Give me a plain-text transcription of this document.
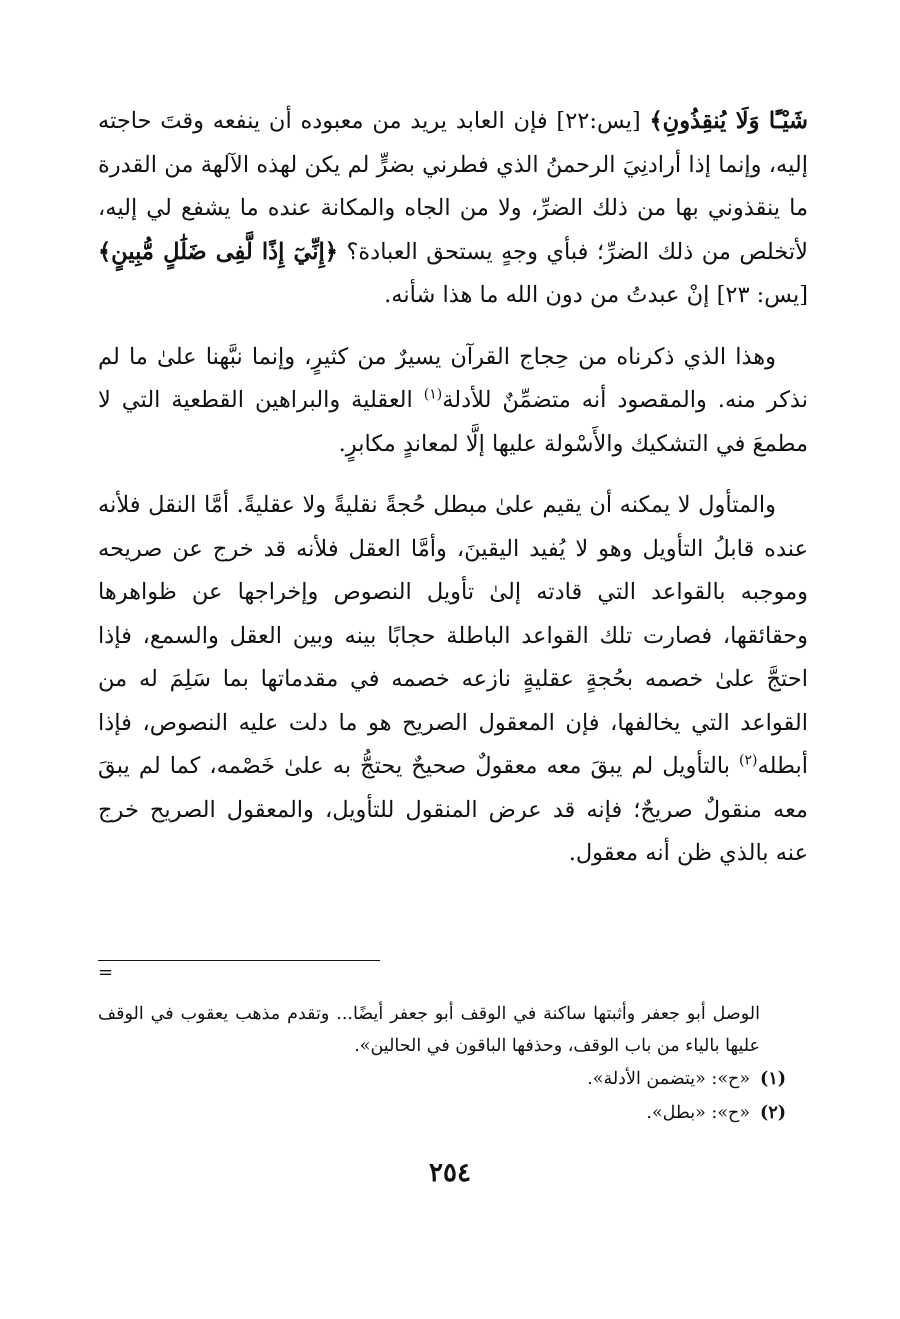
شَيْـًٔا وَلَا يُنقِذُونِ﴾ [يس:٢٢] فإن العابد يريد من معبوده أن ينفعه وقتَ حاجته إليه، وإنما إذا أرادنِيَ الرحمنُ الذي فطرني بضرٍّ لم يكن لهذه الآلهة من القدرة ما ينقذوني بها من ذلك الضرِّ، ولا من الجاه والمكانة عنده ما يشفع لي إليه، لأتخلص من ذلك الضرِّ؛ فبأي وجهٍ يستحق العبادة؟ ﴿إِنِّيٓ إِذًا لَّفِى ضَلَٰلٍ مُّبِينٍ﴾ [يس: ٢٣] إنْ عبدتُ من دون الله ما هذا شأنه.

وهذا الذي ذكرناه من حِجاج القرآن يسيرٌ من كثيرٍ، وإنما نبَّهنا علىٰ ما لم نذكر منه. والمقصود أنه متضمِّنٌ للأدلة$^{(١)}$ العقلية والبراهين القطعية التي لا مطمعَ في التشكيك والأَسْولة عليها إلَّا لمعاندٍ مكابرٍ.

والمتأول لا يمكنه أن يقيم علىٰ مبطل حُجةً نقليةً ولا عقليةً. أمَّا النقل فلأنه عنده قابلُ التأويل وهو لا يُفيد اليقينَ، وأمَّا العقل فلأنه قد خرج عن صريحه وموجبه بالقواعد التي قادته إلىٰ تأويل النصوص وإخراجها عن ظواهرها وحقائقها، فصارت تلك القواعد الباطلة حجابًا بينه وبين العقل والسمع، فإذا احتجَّ علىٰ خصمه بحُجةٍ عقليةٍ نازعه خصمه في مقدماتها بما سَلِمَ له من القواعد التي يخالفها، فإن المعقول الصريح هو ما دلت عليه النصوص، فإذا أبطله$^{(٢)}$ بالتأويل لم يبقَ معه معقولٌ صحيحٌ يحتجُّ به علىٰ خَصْمه، كما لم يبقَ معه منقولٌ صريحٌ؛ فإنه قد عرض المنقول للتأويل، والمعقول الصريح خرج عنه بالذي ظن أنه معقول.

=

الوصل أبو جعفر وأثبتها ساكنة في الوقف أبو جعفر أيضًا... وتقدم مذهب يعقوب في الوقف عليها بالياء من باب الوقف، وحذفها الباقون في الحالين».

(١)«ح»: «يتضمن الأدلة».

(٢)«ح»: «بطل».

٢٥٤
